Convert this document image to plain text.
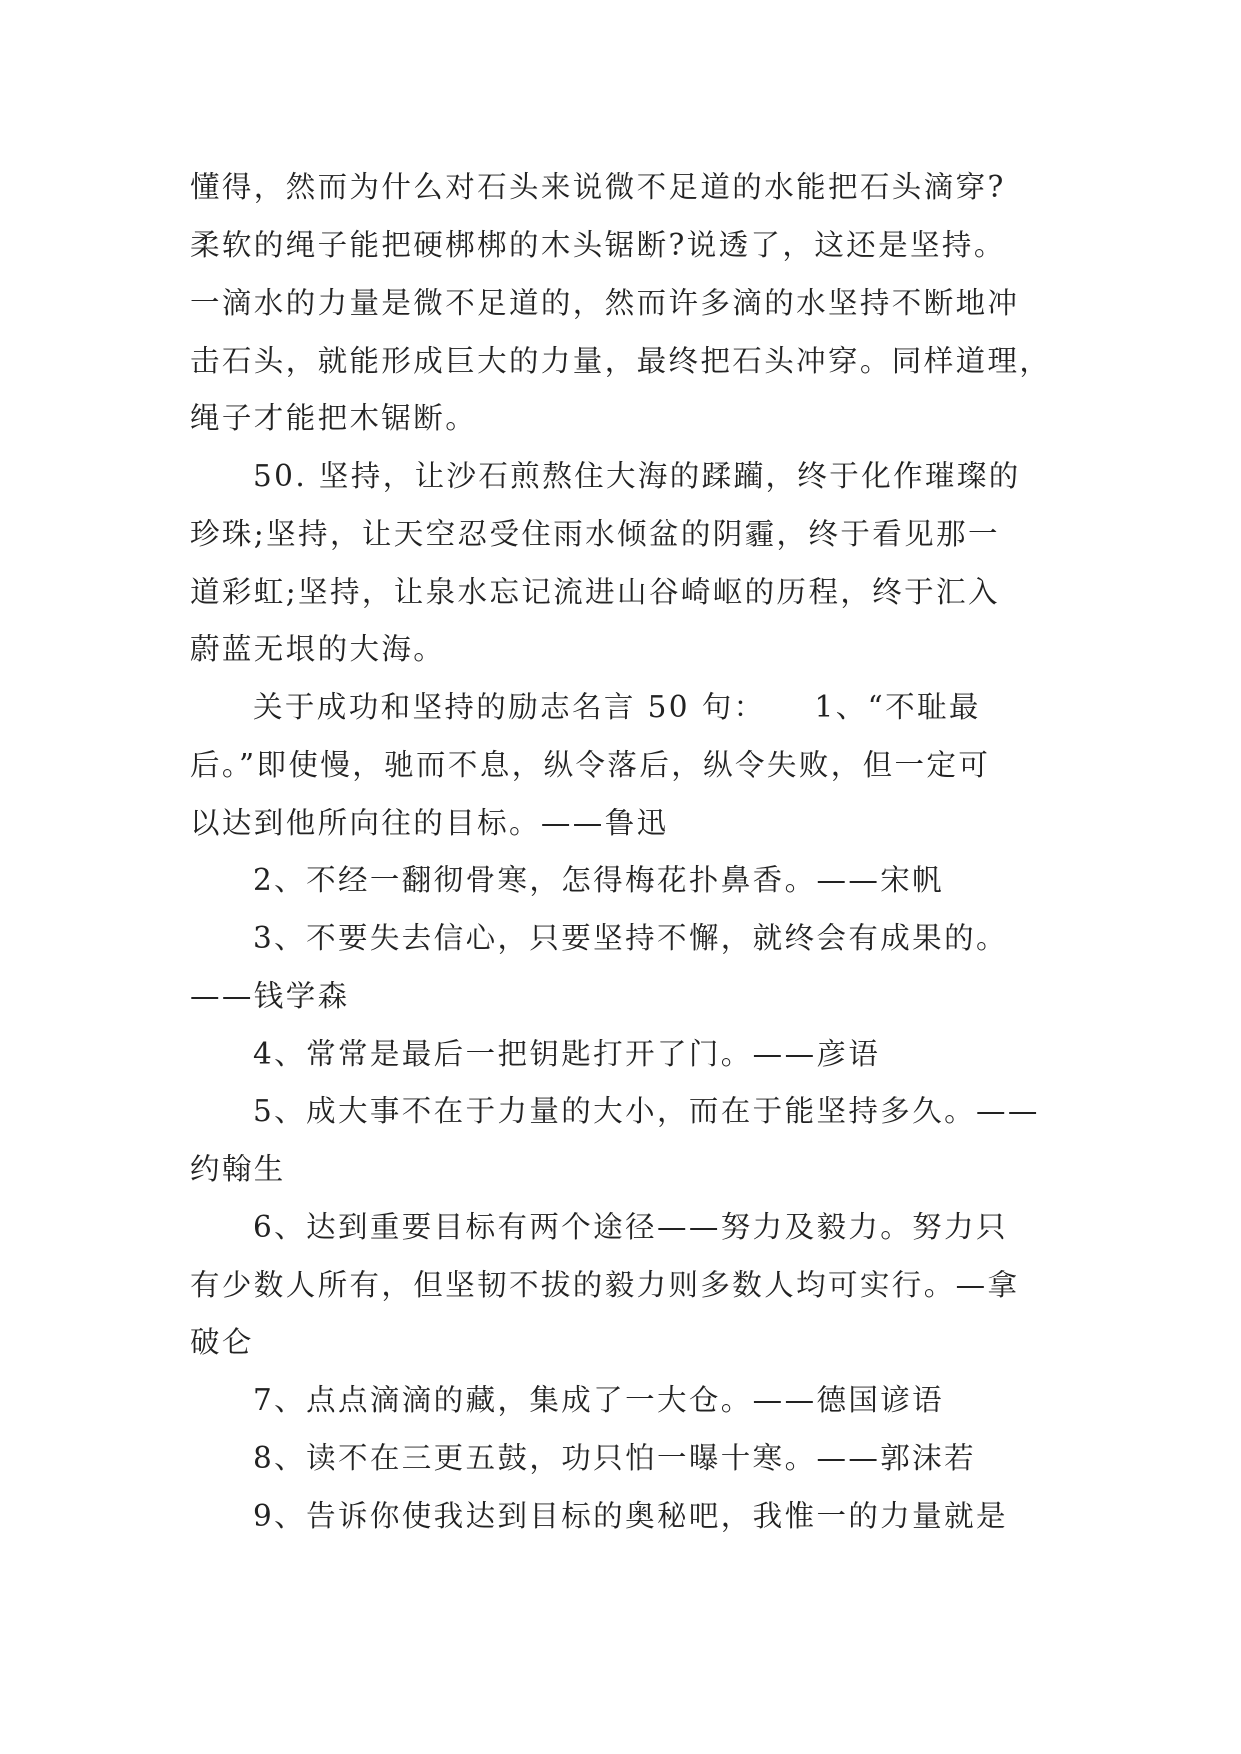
懂得，然而为什么对石头来说微不足道的水能把石头滴穿?
柔软的绳子能把硬梆梆的木头锯断?说透了，这还是坚持。
一滴水的力量是微不足道的，然而许多滴的水坚持不断地冲
击石头，就能形成巨大的力量，最终把石头冲穿。同样道理，
绳子才能把木锯断。
50. 坚持，让沙石煎熬住大海的蹂躏，终于化作璀璨的
珍珠;坚持，让天空忍受住雨水倾盆的阴霾，终于看见那一
道彩虹;坚持，让泉水忘记流进山谷崎岖的历程，终于汇入
蔚蓝无垠的大海。
关于成功和坚持的励志名言 50 句：　　1、“不耻最
后。”即使慢，驰而不息，纵令落后，纵令失败，但一定可
以达到他所向往的目标。——鲁迅
2、不经一翻彻骨寒，怎得梅花扑鼻香。——宋帆
3、不要失去信心，只要坚持不懈，就终会有成果的。
——钱学森
4、常常是最后一把钥匙打开了门。——彦语
5、成大事不在于力量的大小，而在于能坚持多久。——
约翰生
6、达到重要目标有两个途径——努力及毅力。努力只
有少数人所有，但坚韧不拔的毅力则多数人均可实行。—拿
破仑
7、点点滴滴的藏，集成了一大仓。——德国谚语
8、读不在三更五鼓，功只怕一曝十寒。——郭沫若
9、告诉你使我达到目标的奥秘吧，我惟一的力量就是
